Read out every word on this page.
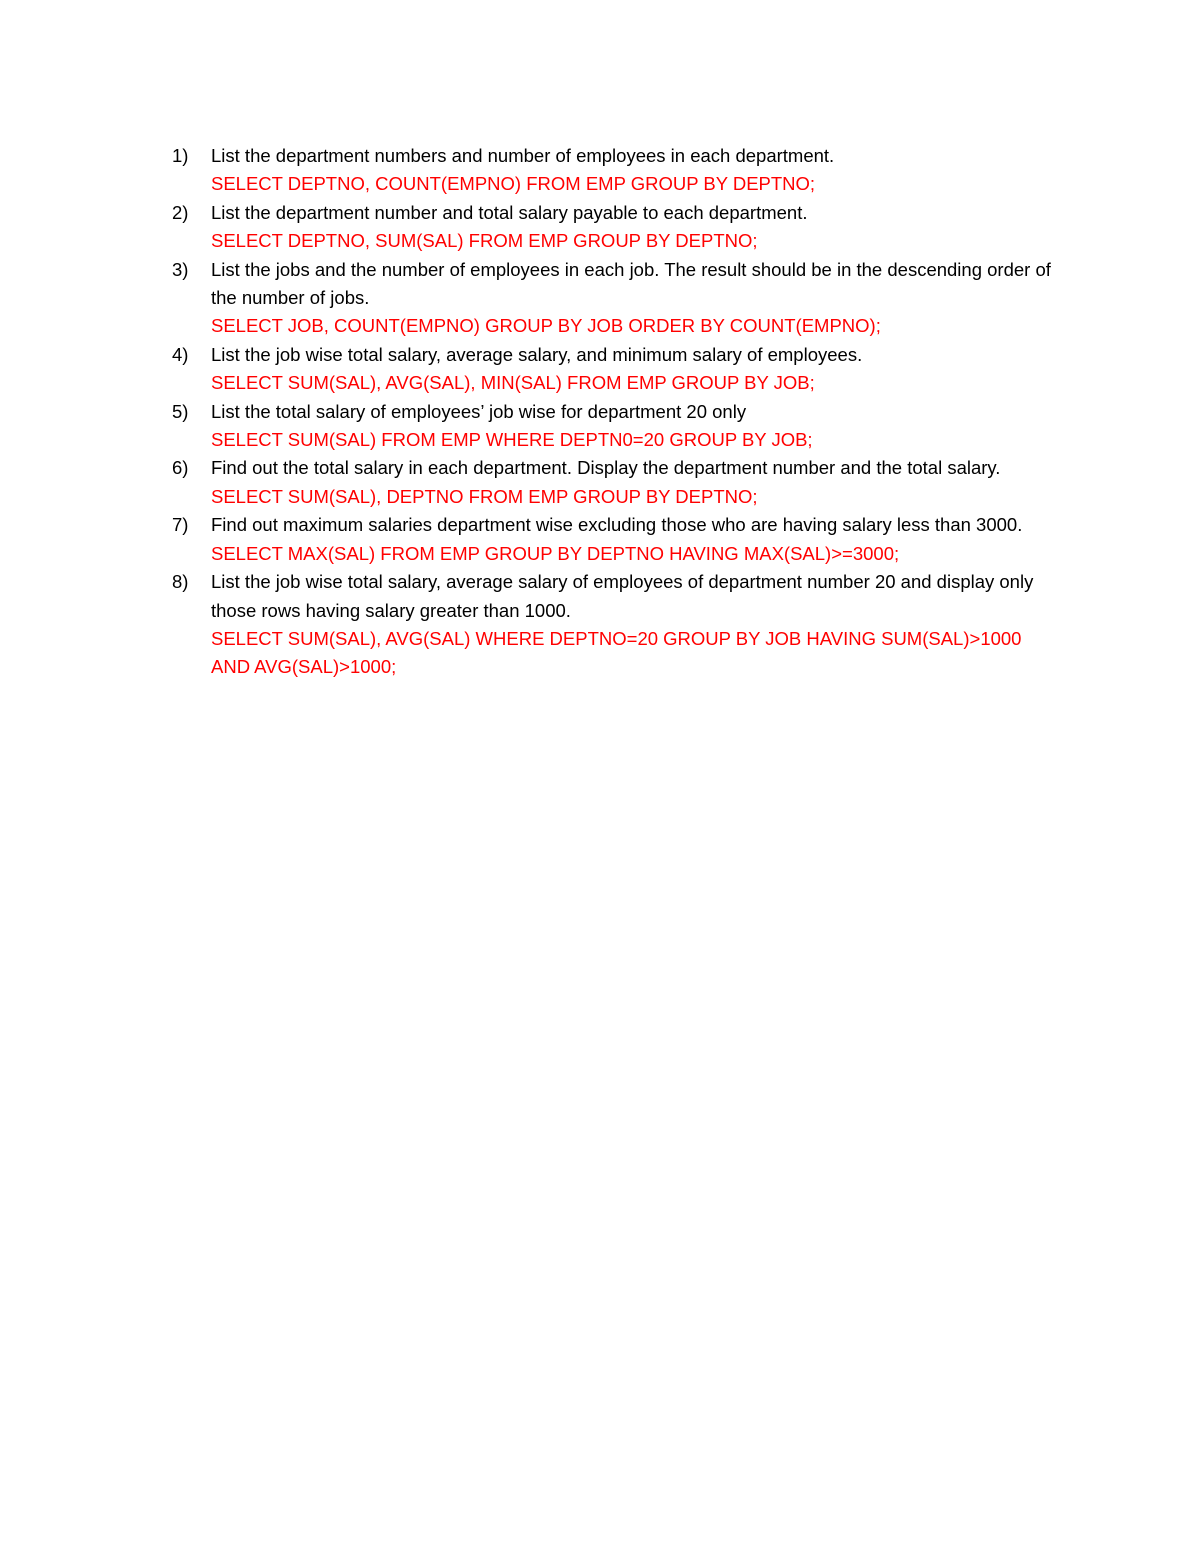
1)	List the department numbers and number of employees in each department.
SELECT DEPTNO, COUNT(EMPNO) FROM EMP GROUP BY DEPTNO;
2)	List the department number and total salary payable to each department.
SELECT DEPTNO, SUM(SAL) FROM EMP GROUP BY DEPTNO;
3)	List the jobs and the number of employees in each job. The result should be in the descending order of the number of jobs.
SELECT JOB, COUNT(EMPNO) GROUP BY JOB ORDER BY COUNT(EMPNO);
4)	List the job wise total salary, average salary, and minimum salary of employees.
SELECT SUM(SAL), AVG(SAL), MIN(SAL) FROM EMP GROUP BY JOB;
5)	List the total salary of employees’ job wise for department 20 only
SELECT SUM(SAL) FROM EMP WHERE DEPTN0=20 GROUP BY JOB;
6)	Find out the total salary in each department. Display the department number and the total salary.
SELECT SUM(SAL), DEPTNO FROM EMP GROUP BY DEPTNO;
7)	Find out maximum salaries department wise excluding those who are having salary less than 3000.
SELECT MAX(SAL) FROM EMP GROUP BY DEPTNO HAVING MAX(SAL)>=3000;
8)	List the job wise total salary, average salary of employees of department number 20 and display only those rows having salary greater than 1000.
SELECT SUM(SAL), AVG(SAL) WHERE DEPTNO=20 GROUP BY JOB HAVING SUM(SAL)>1000 AND AVG(SAL)>1000;
